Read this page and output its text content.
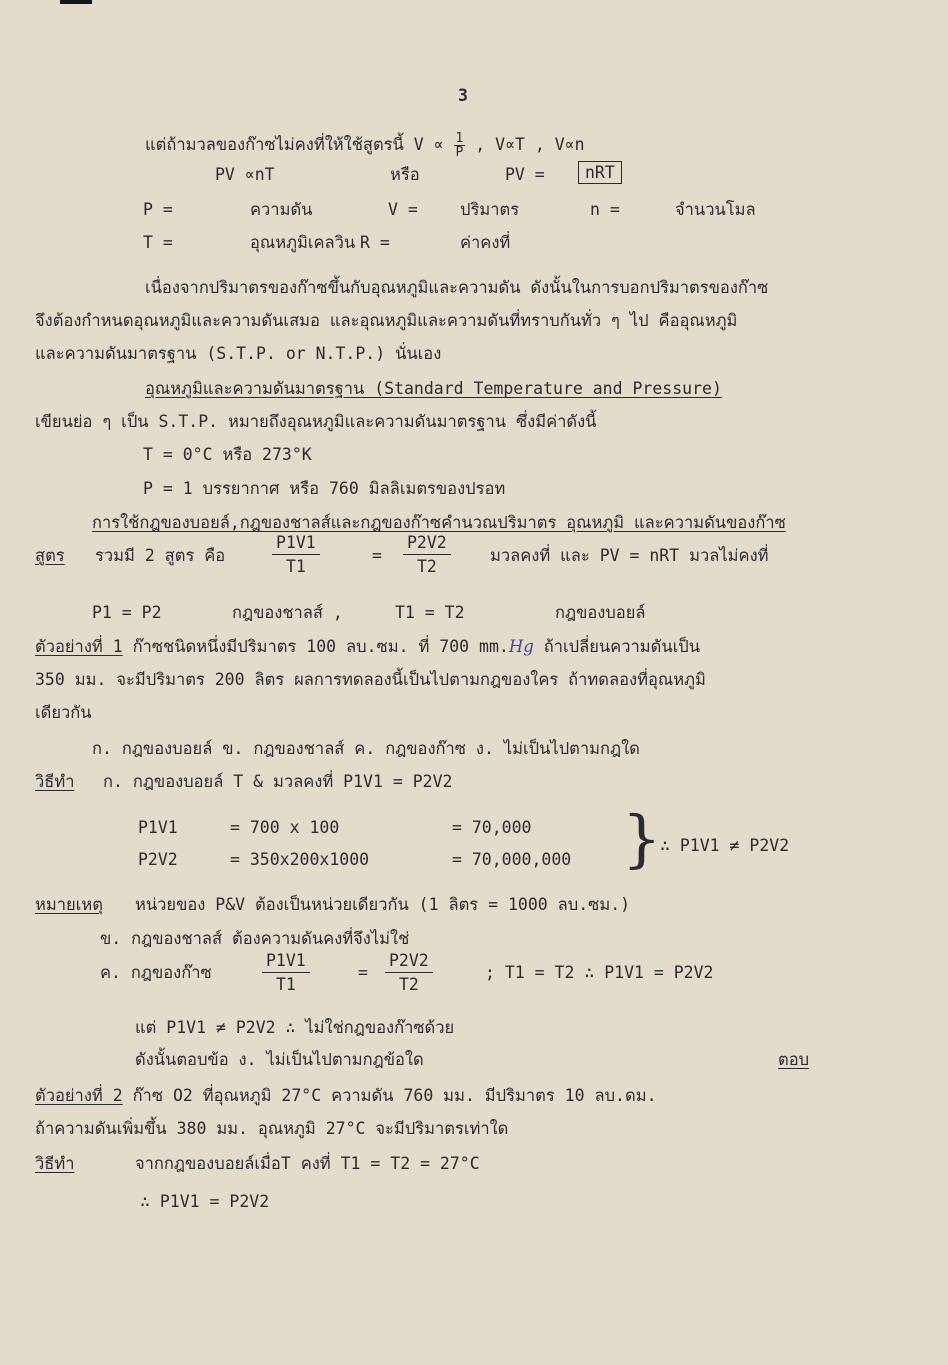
3
แต่ถ้ามวลของก๊าซไม่คงที่ให้ใช้สูตรนี้ $V \propto \frac{1}{P}$ , V∝T , V∝n
PV ∝nT	หรือ	PV =	nRT
P =	ความดัน	V =	ปริมาตร	n =	จำนวนโมล
T =	อุณหภูมิเคลวิน R =	ค่าคงที่
เนื่องจากปริมาตรของก๊าซขึ้นกับอุณหภูมิและความดัน ดังนั้นในการบอกปริมาตรของก๊าซ
จึงต้องกำหนดอุณหภูมิและความดันเสมอ และอุณหภูมิและความดันที่ทราบกันทั่ว ๆ ไป คืออุณหภูมิ
และความดันมาตรฐาน (S.T.P. or N.T.P.) นั่นเอง
อุณหภูมิและความดันมาตรฐาน (Standard Temperature and Pressure)
เขียนย่อ ๆ เป็น S.T.P. หมายถึงอุณหภูมิและความดันมาตรฐาน ซึ่งมีค่าดังนี้
T = 0°C หรือ 273°K
P = 1 บรรยากาศ หรือ 760 มิลลิเมตรของปรอท
การใช้กฎของบอยล์,กฎของชาลส์และกฎของก๊าซคำนวณปริมาตร อุณหภูมิ และความดันของก๊าซ
สูตร รวมมี 2 สูตร คือ	$\frac{P1V1}{T1}$	= $\frac{P2V2}{T2}$ มวลคงที่ และ PV = nRT มวลไม่คงที่
P1 = P2	กฎของชาลส์ ,	T1 = T2	กฎของบอยล์
ตัวอย่างที่ 1 ก๊าซชนิดหนึ่งมีปริมาตร 100 ลบ.ซม. ที่ 700 mm.Hg ถ้าเปลี่ยนความดันเป็น
350 มม. จะมีปริมาตร 200 ลิตร ผลการทดลองนี้เป็นไปตามกฎของใคร ถ้าทดลองที่อุณหภูมิ
เดียวกัน
ก. กฎของบอยล์ ข. กฎของชาลส์ ค. กฎของก๊าซ ง. ไม่เป็นไปตามกฎใด
วิธีทำ ก. กฎของบอยล์ T & มวลคงที่ P1V1 = P2V2
P1V1	= 700 x 100	= 70,000
P2V2	= 350x200x1000	= 70,000,000 }
∴ P1V1 ≠ P2V2
หมายเหตุ หน่วยของ P&V ต้องเป็นหน่วยเดียวกัน (1 ลิตร = 1000 ลบ.ซม.)
ข. กฎของชาลส์ ต้องความดันคงที่จึงไม่ใช่
ค. กฎของก๊าซ	$\frac{P1V1}{T1}$	= $\frac{P2V2}{T2}$	; T1 = T2 ∴ P1V1 = P2V2
แต่ P1V1 ≠ P2V2 ∴ ไม่ใช่กฎของก๊าซด้วย
ดังนั้นตอบข้อ ง. ไม่เป็นไปตามกฎข้อใด	ตอบ
ตัวอย่างที่ 2 ก๊าซ O2 ที่อุณหภูมิ 27°C ความดัน 760 มม. มีปริมาตร 10 ลบ.ดม.
ถ้าความดันเพิ่มขึ้น 380 มม. อุณหภูมิ 27°C จะมีปริมาตรเท่าใด
วิธีทำ	จากกฎของบอยล์เมื่อT คงที่ T1 = T2 = 27°C
∴ P1V1 = P2V2
